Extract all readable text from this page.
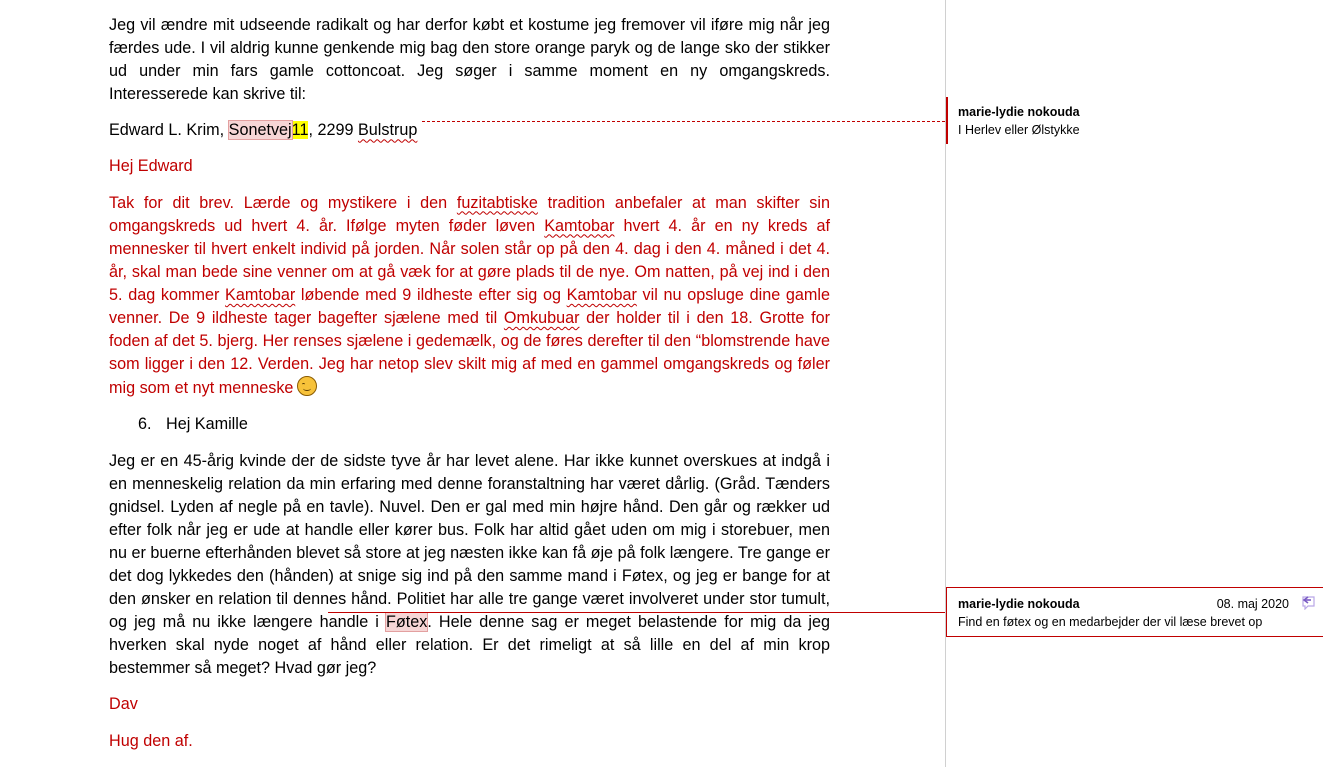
Jeg vil ændre mit udseende radikalt og har derfor købt et kostume jeg fremover vil iføre mig når jeg færdes ude. I vil aldrig kunne genkende mig bag den store orange paryk og de lange sko der stikker ud under min fars gamle cottoncoat. Jeg søger i samme moment en ny omgangskreds. Interesserede kan skrive til:

Edward L. Krim, Sonetvej11, 2299 Bulstrup

Hej Edward

Tak for dit brev. Lærde og mystikere i den fuzitabtiske tradition anbefaler at man skifter sin omgangskreds ud hvert 4. år. Ifølge myten føder løven Kamtobar hvert 4. år en ny kreds af mennesker til hvert enkelt individ på jorden. Når solen står op på den 4. dag i den 4. måned i det 4. år, skal man bede sine venner om at gå væk for at gøre plads til de nye. Om natten, på vej ind i den 5. dag kommer Kamtobar løbende med 9 ildheste efter sig og Kamtobar vil nu opsluge dine gamle venner. De 9 ildheste tager bagefter sjælene med til Omkubuar der holder til i den 18. Grotte for foden af det 5. bjerg. Her renses sjælene i gedemælk, og de føres derefter til den “blomstrende have som ligger i den 12. Verden. Jeg har netop slev skilt mig af med en gammel omgangskreds og føler mig som et nyt menneske

6. Hej Kamille

Jeg er en 45-årig kvinde der de sidste tyve år har levet alene. Har ikke kunnet overskues at indgå i en menneskelig relation da min erfaring med denne foranstaltning har været dårlig. (Gråd. Tænders gnidsel. Lyden af negle på en tavle). Nuvel. Den er gal med min højre hånd. Den går og rækker ud efter folk når jeg er ude at handle eller kører bus. Folk har altid gået uden om mig i storebuer, men nu er buerne efterhånden blevet så store at jeg næsten ikke kan få øje på folk længere. Tre gange er det dog lykkedes den (hånden) at snige sig ind på den samme mand i Føtex, og jeg er bange for at den ønsker en relation til dennes hånd. Politiet har alle tre gange været involveret under stor tumult, og jeg må nu ikke længere handle i Føtex. Hele denne sag er meget belastende for mig da jeg hverken skal nyde noget af hånd eller relation. Er det rimeligt at så lille en del af min krop bestemmer så meget? Hvad gør jeg?

Dav

Hug den af.

marie-lydie nokouda
I Herlev eller Ølstykke
marie-lydie nokouda	08. maj 2020
Find en føtex og en medarbejder der vil læse brevet op
